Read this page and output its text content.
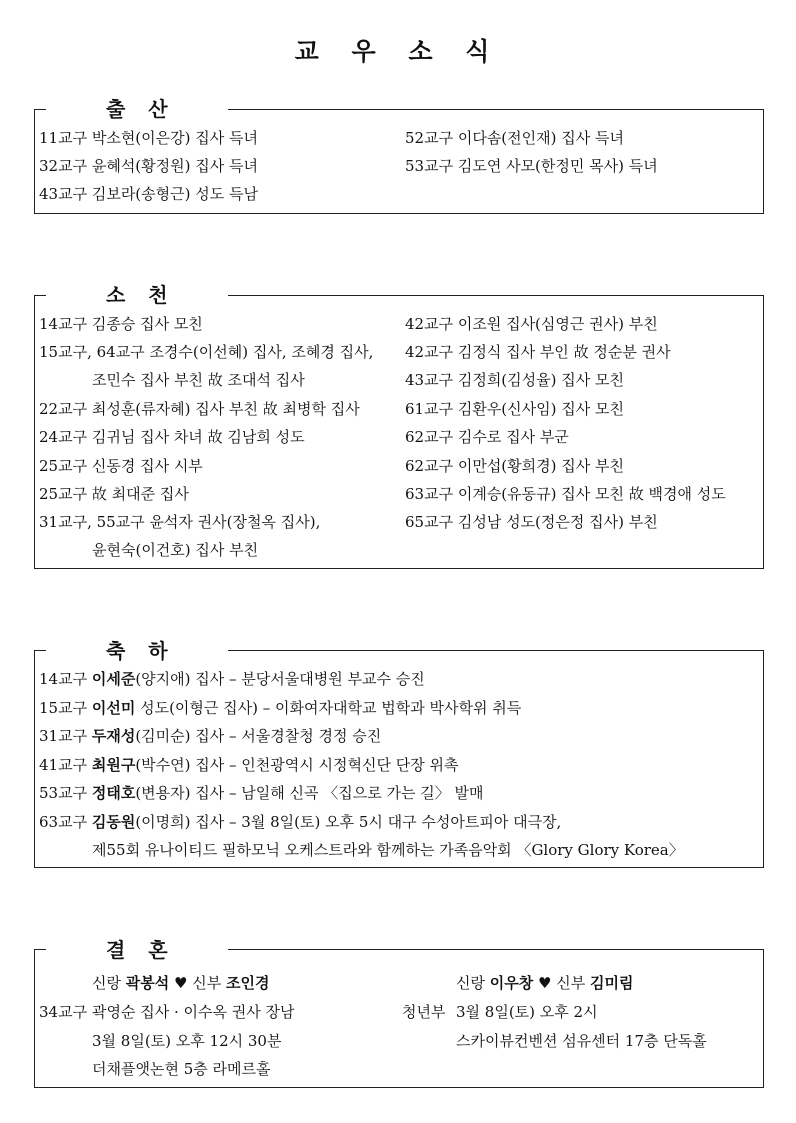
교 우 소 식
출 산
11교구 박소현(이은강) 집사 득녀
32교구 윤혜석(황정원) 집사 득녀
43교구 김보라(송형근) 성도 득남
52교구 이다솜(전인재) 집사 득녀
53교구 김도연 사모(한정민 목사) 득녀
소 천
14교구 김종승 집사 모친
15교구, 64교구 조경수(이선혜) 집사, 조혜경 집사,
조민수 집사 부친 故 조대석 집사
22교구 최성훈(류자혜) 집사 부친 故 최병학 집사
24교구 김귀님 집사 차녀 故 김남희 성도
25교구 신동경 집사 시부
25교구 故 최대준 집사
31교구, 55교구 윤석자 권사(장철옥 집사),
윤현숙(이건호) 집사 부친
42교구 이조원 집사(심영근 권사) 부친
42교구 김정식 집사 부인 故 정순분 권사
43교구 김정희(김성율) 집사 모친
61교구 김환우(신사임) 집사 모친
62교구 김수로 집사 부군
62교구 이만섭(황희경) 집사 부친
63교구 이계승(유동규) 집사 모친 故 백경애 성도
65교구 김성남 성도(정은정 집사) 부친
축 하
14교구 이세준(양지애) 집사 – 분당서울대병원 부교수 승진
15교구 이선미 성도(이형근 집사) – 이화여자대학교 법학과 박사학위 취득
31교구 두재성(김미순) 집사 – 서울경찰청 경정 승진
41교구 최원구(박수연) 집사 – 인천광역시 시정혁신단 단장 위촉
53교구 정태호(변용자) 집사 – 남일해 신곡 〈집으로 가는 길〉 발매
63교구 김동원(이명희) 집사 – 3월 8일(토) 오후 5시 대구 수성아트피아 대극장,
제55회 유나이티드 필하모닉 오케스트라와 함께하는 가족음악회 〈Glory Glory Korea〉
결 혼
신랑 곽봉석 ♥ 신부 조인경
34교구 곽영순 집사 · 이수옥 권사 장남
3월 8일(토) 오후 12시 30분
더채플앳논현 5층 라메르홀
신랑 이우창 ♥ 신부 김미림
청년부 3월 8일(토) 오후 2시
스카이뷰컨벤션 섬유센터 17층 단독홀
